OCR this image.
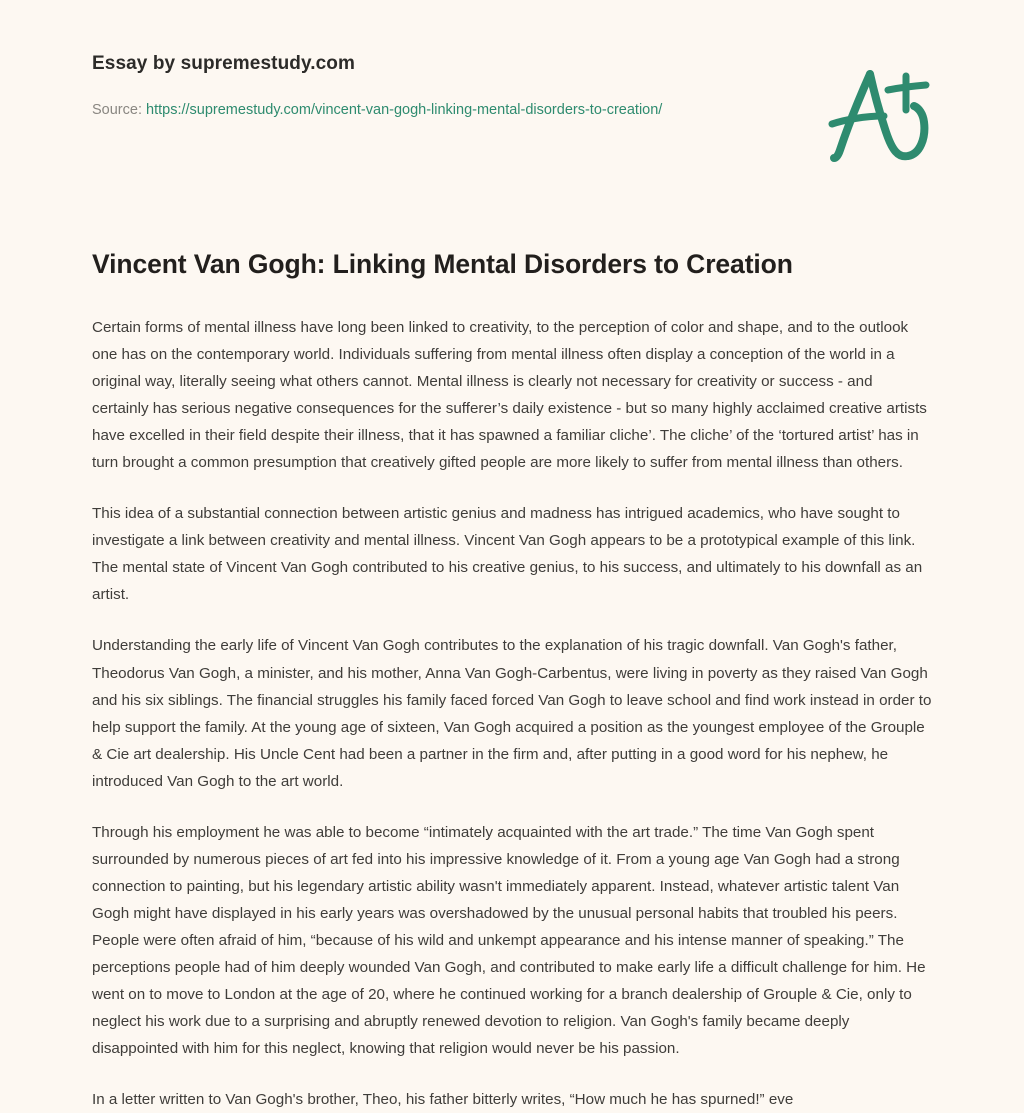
Essay by supremestudy.com

Source: https://supremestudy.com/vincent-van-gogh-linking-mental-disorders-to-creation/

Vincent Van Gogh: Linking Mental Disorders to Creation

Certain forms of mental illness have long been linked to creativity, to the perception of color and shape, and to the outlook one has on the contemporary world. Individuals suffering from mental illness often display a conception of the world in a original way, literally seeing what others cannot. Mental illness is clearly not necessary for creativity or success - and certainly has serious negative consequences for the sufferer’s daily existence - but so many highly acclaimed creative artists have excelled in their field despite their illness, that it has spawned a familiar cliche’. The cliche’ of the ‘tortured artist’ has in turn brought a common presumption that creatively gifted people are more likely to suffer from mental illness than others.

This idea of a substantial connection between artistic genius and madness has intrigued academics, who have sought to investigate a link between creativity and mental illness. Vincent Van Gogh appears to be a prototypical example of this link. The mental state of Vincent Van Gogh contributed to his creative genius, to his success, and ultimately to his downfall as an artist.

Understanding the early life of Vincent Van Gogh contributes to the explanation of his tragic downfall. Van Gogh's father, Theodorus Van Gogh, a minister, and his mother, Anna Van Gogh-Carbentus, were living in poverty as they raised Van Gogh and his six siblings. The financial struggles his family faced forced Van Gogh to leave school and find work instead in order to help support the family. At the young age of sixteen, Van Gogh acquired a position as the youngest employee of the Grouple & Cie art dealership. His Uncle Cent had been a partner in the firm and, after putting in a good word for his nephew, he introduced Van Gogh to the art world.

Through his employment he was able to become “intimately acquainted with the art trade.” The time Van Gogh spent surrounded by numerous pieces of art fed into his impressive knowledge of it. From a young age Van Gogh had a strong connection to painting, but his legendary artistic ability wasn't immediately apparent. Instead, whatever artistic talent Van Gogh might have displayed in his early years was overshadowed by the unusual personal habits that troubled his peers. People were often afraid of him, “because of his wild and unkempt appearance and his intense manner of speaking.” The perceptions people had of him deeply wounded Van Gogh, and contributed to make early life a difficult challenge for him. He went on to move to London at the age of 20, where he continued working for a branch dealership of Grouple & Cie, only to neglect his work due to a surprising and abruptly renewed devotion to religion. Van Gogh's family became deeply disappointed with him for this neglect, knowing that religion would never be his passion.

In a letter written to Van Gogh's brother, Theo, his father bitterly writes, “How much he has spurned!” eve
